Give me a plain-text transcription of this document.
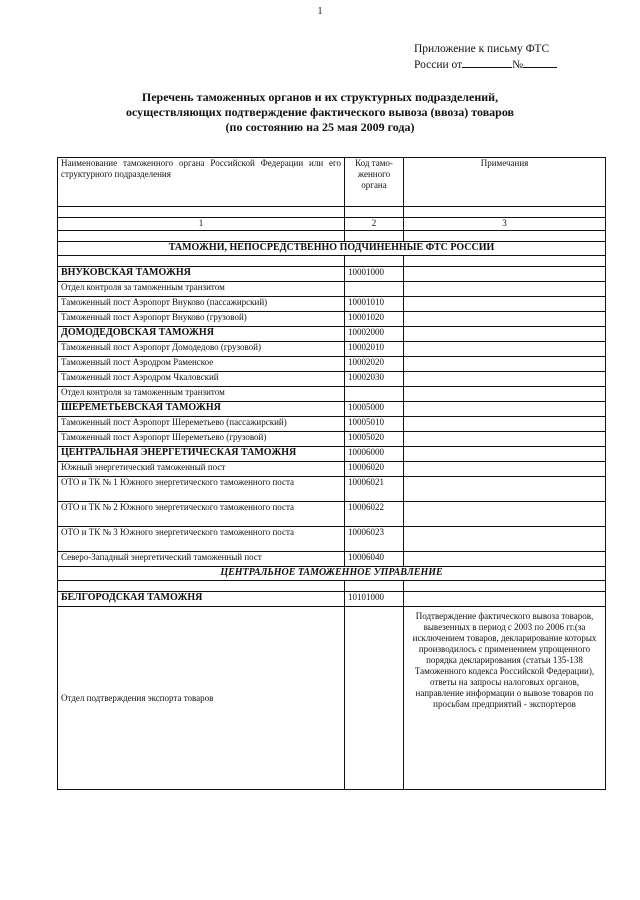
1
Приложение к письму ФТС
России от	№
Перечень таможенных органов и их структурных подразделений,
осуществляющих подтверждение фактического вывоза (ввоза) товаров
(по состоянию на 25 мая 2009 года)
Наименование таможенного органа Российской Федерации или его структурного подразделения	Код тамо-женного органа	Примечания

1	2	3

ТАМОЖНИ, НЕПОСРЕДСТВЕННО ПОДЧИНЕННЫЕ ФТС РОССИИ		

ВНУКОВСКАЯ ТАМОЖНЯ	10001000	
Отдел контроля за таможенным транзитом		
Таможенный пост Аэропорт Внуково (пассажирский)	10001010	
Таможенный пост Аэропорт Внуково (грузовой)	10001020	
ДОМОДЕДОВСКАЯ ТАМОЖНЯ	10002000	
Таможенный пост Аэропорт Домодедово (грузовой)	10002010	
Таможенный пост Аэродром Раменское	10002020	
Таможенный пост Аэродром Чкаловский	10002030	
Отдел контроля за таможенным транзитом		
ШЕРЕМЕТЬЕВСКАЯ ТАМОЖНЯ	10005000	
Таможенный пост Аэропорт Шереметьево (пассажирский)	10005010	
Таможенный пост Аэропорт Шереметьево (грузовой)	10005020	
ЦЕНТРАЛЬНАЯ ЭНЕРГЕТИЧЕСКАЯ ТАМОЖНЯ	10006000	
Южный энергетический таможенный пост	10006020	
ОТО и ТК № 1 Южного энергетического таможенного поста	10006021	
ОТО и ТК № 2 Южного энергетического таможенного поста	10006022	
ОТО и ТК № 3 Южного энергетического таможенного поста	10006023	
Северо-Западный энергетический таможенный пост	10006040	
ЦЕНТРАЛЬНОЕ ТАМОЖЕННОЕ УПРАВЛЕНИЕ		

БЕЛГОРОДСКАЯ ТАМОЖНЯ	10101000	
Отдел подтверждения экспорта товаров		Подтверждение фактического вывоза товаров, вывезенных в период с 2003 по 2006 гг.(за исключением товаров, декларирование которых производилось с применением упрощенного порядка декларирования (статьи 135-138 Таможенного кодекса Российской Федерации), ответы на запросы налоговых органов, направление информации о вывозе товаров по просьбам предприятий - экспортеров
